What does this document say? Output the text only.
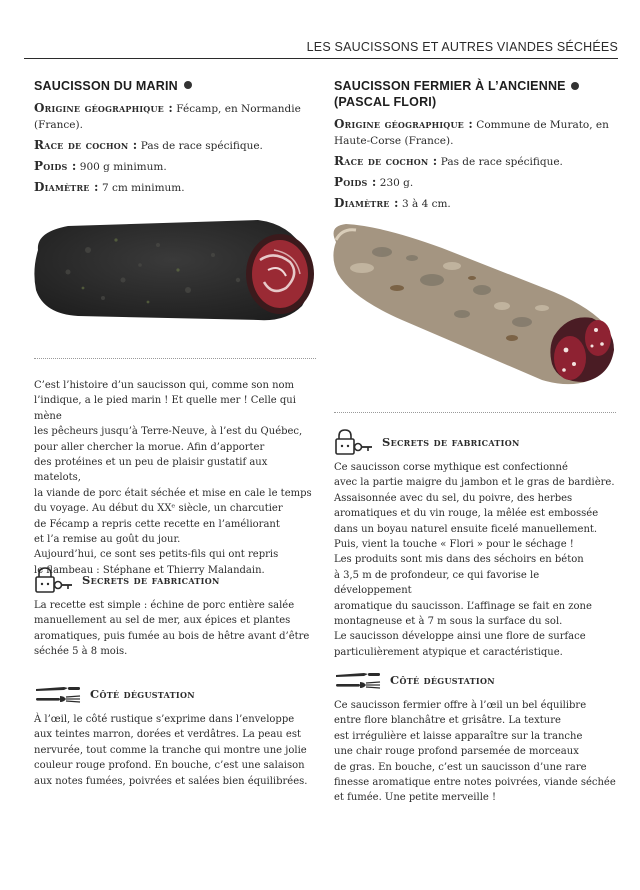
LES SAUCISSONS ET AUTRES VIANDES SÉCHÉES
SAUCISSON DU MARIN
Origine géographique : Fécamp, en Normandie (France).
Race de cochon : Pas de race spécifique.
Poids : 900 g minimum.
Diamètre : 7 cm minimum.
C’est l’histoire d’un saucisson qui, comme son nom
l’indique, a le pied marin ! Et quelle mer ! Celle qui mène
les pêcheurs jusqu’à Terre-Neuve, à l’est du Québec,
pour aller chercher la morue. Afin d’apporter
des protéines et un peu de plaisir gustatif aux matelots,
la viande de porc était séchée et mise en cale le temps
du voyage. Au début du XXᵉ siècle, un charcutier
de Fécamp a repris cette recette en l’améliorant
et l’a remise au goût du jour.
Aujourd’hui, ce sont ses petits-fils qui ont repris
le flambeau : Stéphane et Thierry Malandain.
Secrets de fabrication
La recette est simple : échine de porc entière salée
manuellement au sel de mer, aux épices et plantes
aromatiques, puis fumée au bois de hêtre avant d’être
séchée 5 à 8 mois.
Côté dégustation
À l’œil, le côté rustique s’exprime dans l’enveloppe
aux teintes marron, dorées et verdâtres. La peau est
nervurée, tout comme la tranche qui montre une jolie
couleur rouge profond. En bouche, c’est une salaison
aux notes fumées, poivrées et salées bien équilibrées.
SAUCISSON FERMIER À L’ANCIENNE (PASCAL FLORI)
Origine géographique : Commune de Murato, en Haute-Corse (France).
Race de cochon : Pas de race spécifique.
Poids : 230 g.
Diamètre : 3 à 4 cm.
Secrets de fabrication
Ce saucisson corse mythique est confectionné
avec la partie maigre du jambon et le gras de bardière.
Assaisonnée avec du sel, du poivre, des herbes
aromatiques et du vin rouge, la mêlée est embossée
dans un boyau naturel ensuite ficelé manuellement.
Puis, vient la touche « Flori » pour le séchage !
Les produits sont mis dans des séchoirs en béton
à 3,5 m de profondeur, ce qui favorise le développement
aromatique du saucisson. L’affinage se fait en zone
montagneuse et à 7 m sous la surface du sol.
Le saucisson développe ainsi une flore de surface
particulièrement atypique et caractéristique.
Côté dégustation
Ce saucisson fermier offre à l’œil un bel équilibre
entre flore blanchâtre et grisâtre. La texture
est irrégulière et laisse apparaître sur la tranche
une chair rouge profond parsemée de morceaux
de gras. En bouche, c’est un saucisson d’une rare
finesse aromatique entre notes poivrées, viande séchée
et fumée. Une petite merveille !
